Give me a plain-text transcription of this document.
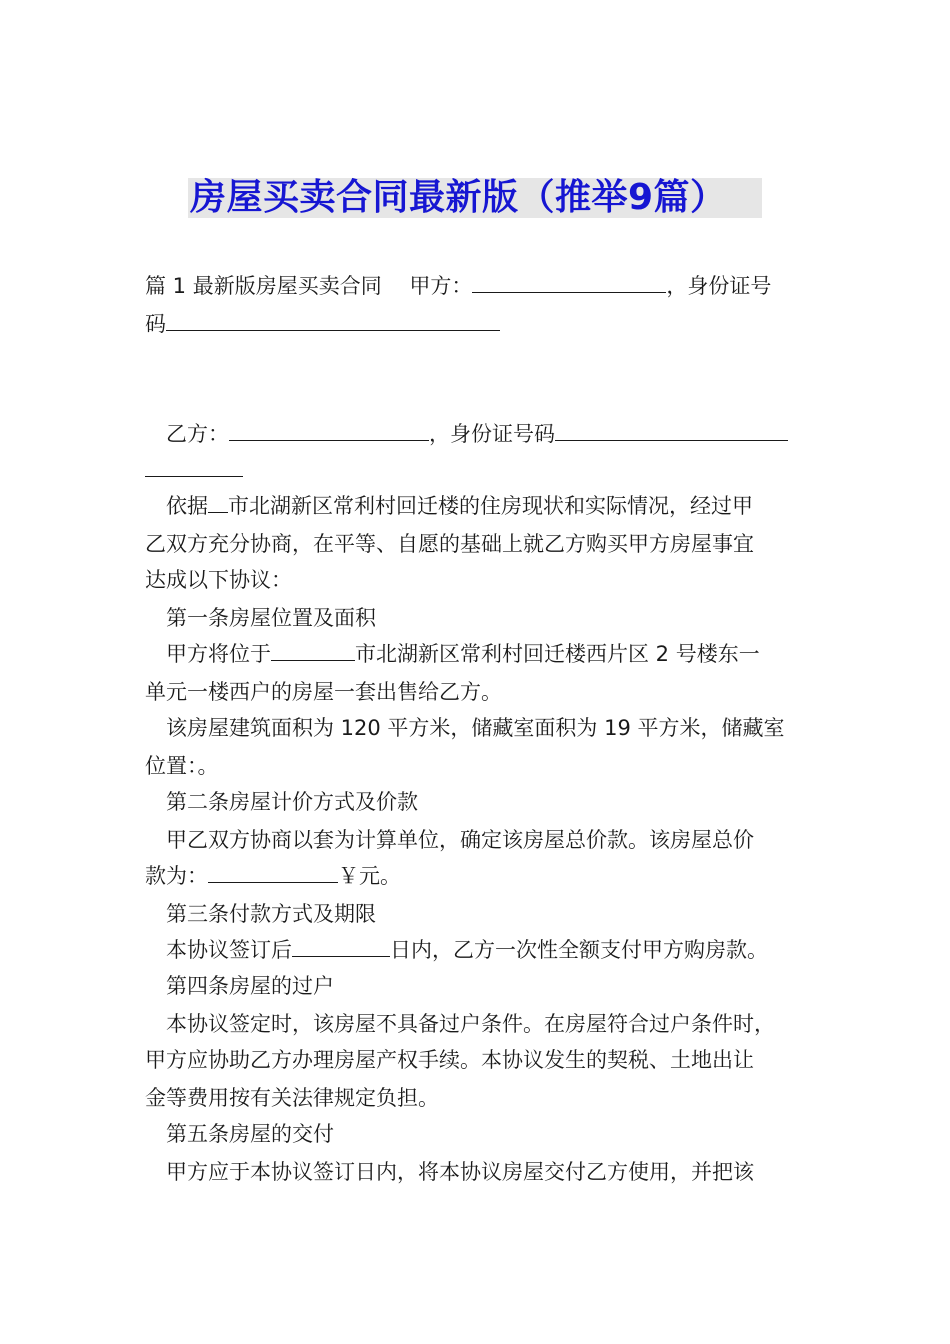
房屋买卖合同最新版（推举9篇）
篇 1 最新版房屋买卖合同　 甲方：	，身份证号
码
　乙方：	，身份证号码
　依据 市北湖新区常利村回迁楼的住房现状和实际情况，经过甲
乙双方充分协商，在平等、自愿的基础上就乙方购买甲方房屋事宜
达成以下协议：
　第一条房屋位置及面积
　甲方将位于	市北湖新区常利村回迁楼西片区 2 号楼东一
单元一楼西户的房屋一套出售给乙方。
　该房屋建筑面积为 120 平方米，储藏室面积为 19 平方米，储藏室
位置：。
　第二条房屋计价方式及价款
　甲乙双方协商以套为计算单位，确定该房屋总价款。该房屋总价
款为：	￥元。
　第三条付款方式及期限
　本协议签订后	日内，乙方一次性全额支付甲方购房款。
　第四条房屋的过户
　本协议签定时，该房屋不具备过户条件。在房屋符合过户条件时，
甲方应协助乙方办理房屋产权手续。本协议发生的契税、土地出让
金等费用按有关法律规定负担。
　第五条房屋的交付
　甲方应于本协议签订日内，将本协议房屋交付乙方使用，并把该
